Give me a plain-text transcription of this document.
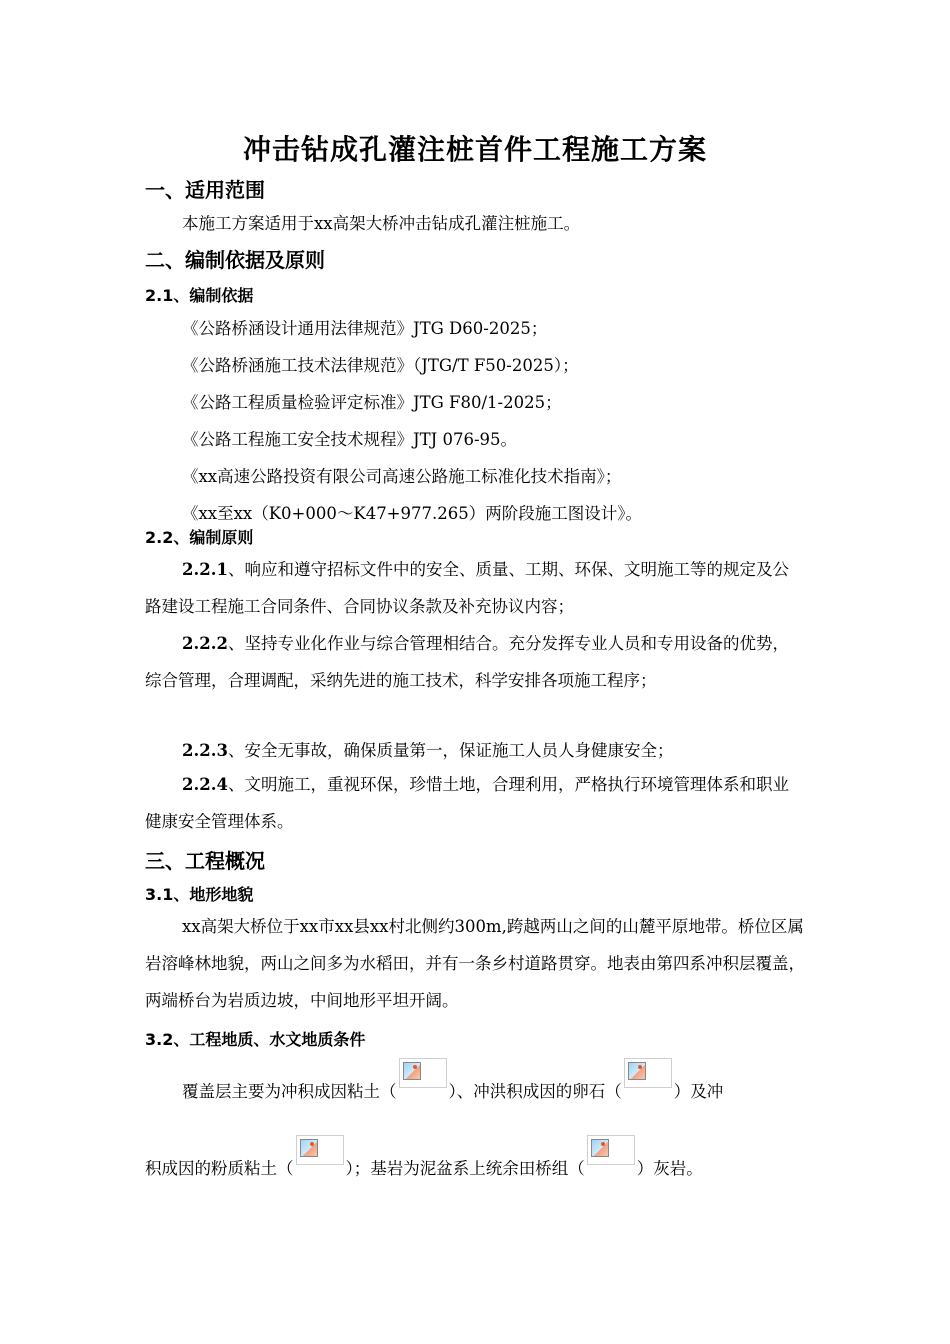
冲击钻成孔灌注桩首件工程施工方案
一、适用范围
本施工方案适用于xx高架大桥冲击钻成孔灌注桩施工。
二、编制依据及原则
2.1、编制依据
《公路桥涵设计通用法律规范》JTG D60-2025；
《公路桥涵施工技术法律规范》（JTG/T F50-2025）；
《公路工程质量检验评定标准》JTG F80/1-2025；
《公路工程施工安全技术规程》JTJ 076-95。
《xx高速公路投资有限公司高速公路施工标准化技术指南》；
《xx至xx（K0+000～K47+977.265）两阶段施工图设计》。
2.2、编制原则
2.2.1、响应和遵守招标文件中的安全、质量、工期、环保、文明施工等的规定及公路建设工程施工合同条件、合同协议条款及补充协议内容；
2.2.2、坚持专业化作业与综合管理相结合。充分发挥专业人员和专用设备的优势，综合管理，合理调配，采纳先进的施工技术，科学安排各项施工程序；
2.2.3、安全无事故，确保质量第一，保证施工人员人身健康安全；
2.2.4、文明施工，重视环保，珍惜土地，合理利用，严格执行环境管理体系和职业健康安全管理体系。
三、工程概况
3.1、地形地貌
xx高架大桥位于xx市xx县xx村北侧约300m,跨越两山之间的山麓平原地带。桥位区属岩溶峰林地貌，两山之间多为水稻田，并有一条乡村道路贯穿。地表由第四系冲积层覆盖，两端桥台为岩质边坡，中间地形平坦开阔。
3.2、工程地质、水文地质条件
覆盖层主要为冲积成因粘土（	）、冲洪积成因的卵石（	）及冲
积成因的粉质粘土（	）；基岩为泥盆系上统余田桥组（	）灰岩。
